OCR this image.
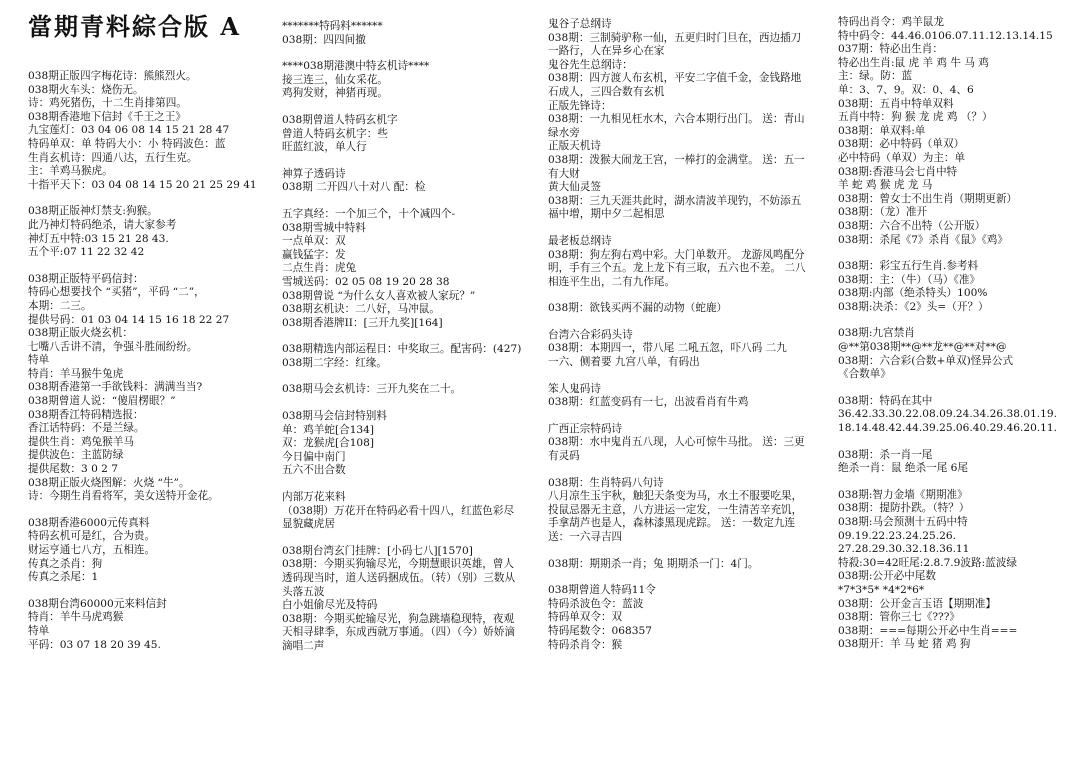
當期青料綜合版 A
038期正版四字梅花诗：熊熊烈火。
038期火车头：烧伤无。
诗：鸡死猪伤，十二生肖排第四。
038期香港地下信封《千王之王》
九宝莲灯：03 04 06 08 14 15 21 28 47
特码单双：单 特码大小：小 特码波色：蓝
生肖玄机诗：四通八达，五行生克。
主：羊鸡马猴虎。
十指平天下：03 04 08 14 15 20 21 25 29 41
038期正版神灯禁支:狗猴。
此乃神灯特码绝杀，请大家参考
神灯五中特:03 15 21 28 43.
五个平:07 11 22 32 42
038期正版特平码信封：
特码心想要找个 “买猪”，平码 “二”，
本期：二三。
提供号码：01 03 04 14 15 16 18 22 27
038期正版火烧玄机：
七嘴八舌讲不清，争强斗胜闹纷纷。
特单
特肖：羊马猴牛兔虎
038期香港第一手欲钱料：满满当当?
038期曾道人说：“傻眉楞眼？”
038期香江特码精选报：
香江话特码：不是兰绿。
提供生肖：鸡兔猴羊马
提供波色：主蓝防绿
提供尾数：3 0 2 7
038期正版火烧图解：火烧 “牛”。
诗：今期生肖看将军，美女送特开金花。
038期香港6000元传真料
特码玄机可是红，合为贵。
财运亨通七八方，五相连。
传真之杀肖：狗
传真之杀尾：1
038期台湾60000元来料信封
特肖：羊牛马虎鸡猴
特单
平码：03 07 18 20 39 45.
*******特码料******
038期：四四间撤
****038期港澳中特玄机诗****
接三连三，仙女采花。
鸡狗发财，神猪再现。
038期曾道人特码玄机字
曾道人特码玄机字：些
旺蓝红波，单人行
神算子透码诗
038期 二开四八十对八 配：检
五字真经：一个加三个，十个减四个-
038期雪城中特料
一点单双：双
赢钱猛字：发
二点生肖：虎兔
雪城送码：02 05 08 19 20 28 38
038期曾说 “为什么女人喜欢被人家玩？”
038期玄机诀：二八好，马冲鼠。
038期香港牌II：[三开九奖][164]
038期精选内部运程日：中奖取三。配害码：(427)
038期二字经：红缘。
038期马会玄机诗：三开九奖在二十。
038期马会信封特别料
单：鸡羊蛇[合134]
双：龙猴虎[合108]
今日偏中南门
五六不出合数
内部万花来料
（038期）万花开在特码必看十四八，红蓝色彩尽
显貌藏虎居
038期台湾玄门挂牌：[小码七八][1570]
038期：今期买狗输尽光，今期慧眼识英雄，曾人
透码现当时，道人送码捆成伍。（转）（别）三数从
头落五波
白小姐偷尽光及特码
038期：今期买蛇输尽光，狗急跳墙稳现特，夜观
天相寻肆季，东成西就万事通。（四）（今）娇娇滴
滴唱二声
鬼谷子总纲诗
038期：三制骑驴称一仙，五更归时门旦在，西边插刀
一路行，人在异乡心在家
鬼谷先生总纲诗：
038期：四方渡人布玄机，平安二字值千金，金钱路地
石成人，三四合数有玄机
正版先锋诗：
038期：一九相见枉水木，六合本期行出门。 送：青山
绿水旁
正版天机诗
038期：泼猴大闹龙王宫，一棒打的金满堂。 送：五一
有大财
黄大仙灵签
038期：三九天涯共此时，湖水清波羊现钓，不妨添五
福中增，期中夕二起相思
最老板总纲诗
038期：狗左狗右鸡中彩。大门单数开。 龙游凤鸣配分
明，手有三个五。龙上龙下有三取，五六也不差。 二八
相连平生出，二有九作尾。
038期：欲钱买两不漏的动物（蛇鹿）
台湾六合彩码头诗
038期：本期四一，带八尾 二吼五忽，吓八码 二九
一六、侧着要 九宫八单，有码出
笨人鬼码诗
038期：红蓝变码有一七，出波看肖有牛鸡
广西正宗特码诗
038期：水中鬼肖五八现，人心可惊牛马批。 送：三更
有灵码
038期：生肖特码八句诗
八月凉生玉宇秋，触犯天条变为马，水土不服要吃果，
投鼠忌器无主意，八方进运一定发，一生清苦辛充饥，
手拿葫芦也是人，森林漆黑现虎踪。 送：一数定九连
送：一六寻吉四
038期：期期杀一肖；兔 期期杀一门：4门。
038期曾道人特码11令
特码杀波色令：蓝波
特码单双令：双
特码尾数令：068357
特码杀肖令：猴
特码出肖令：鸡羊鼠龙
特中码令：44.46.0106.07.11.12.13.14.15
037期：特必出生肖：
特必出生肖:鼠 虎 羊 鸡 牛 马 鸡
主：绿。防：蓝
单：3、7、9。双：0、4、6
038期：五肖中特单双料
五肖中特：狗 猴 龙 虎 鸡 （？）
038期：单双料:单
038期：必中特码（单双）
必中特码（单双）为主：单
038期:香港马会七肖中特
羊 蛇 鸡 猴 虎 龙 马
038期：曾女士不出生肖（期期更新）
038期：（龙）准开
038期：六合不出特（公开版）
038期：杀尾《7》杀肖《鼠》《鸡》
038期：彩宝五行生肖.参考料
038期：主：（牛）（马）《准》
038期:内部（绝杀特头）100%
038期:决杀：《2》头=（开？）
038期:九宫禁肖
@**第038期**@**龙**@**对**@
038期：六合彩(合数+单双)怪异公式
《合数单》
038期：特码在其中
36.42.33.30.22.08.09.24.34.26.38.01.19.
18.14.48.42.44.39.25.06.40.29.46.20.11.
038期：杀一肖一尾
绝杀一肖：鼠 绝杀一尾 6尾
038期:智力金墙《期期准》
038期：提防扑跌。（特？）
038期:马会预测十五码中特
09.19.22.23.24.25.26.
27.28.29.30.32.18.36.11
特殺:30=42旺尾:2.8.7.9波路:蓝波绿
038期:公开必中尾数
*7*3*5* *4*2*6*
038期：公开金言玉语【期期准】
038期：管你三七《???》
038期：===每期公开必中生肖===
038期开：羊 马 蛇 猪 鸡 狗
